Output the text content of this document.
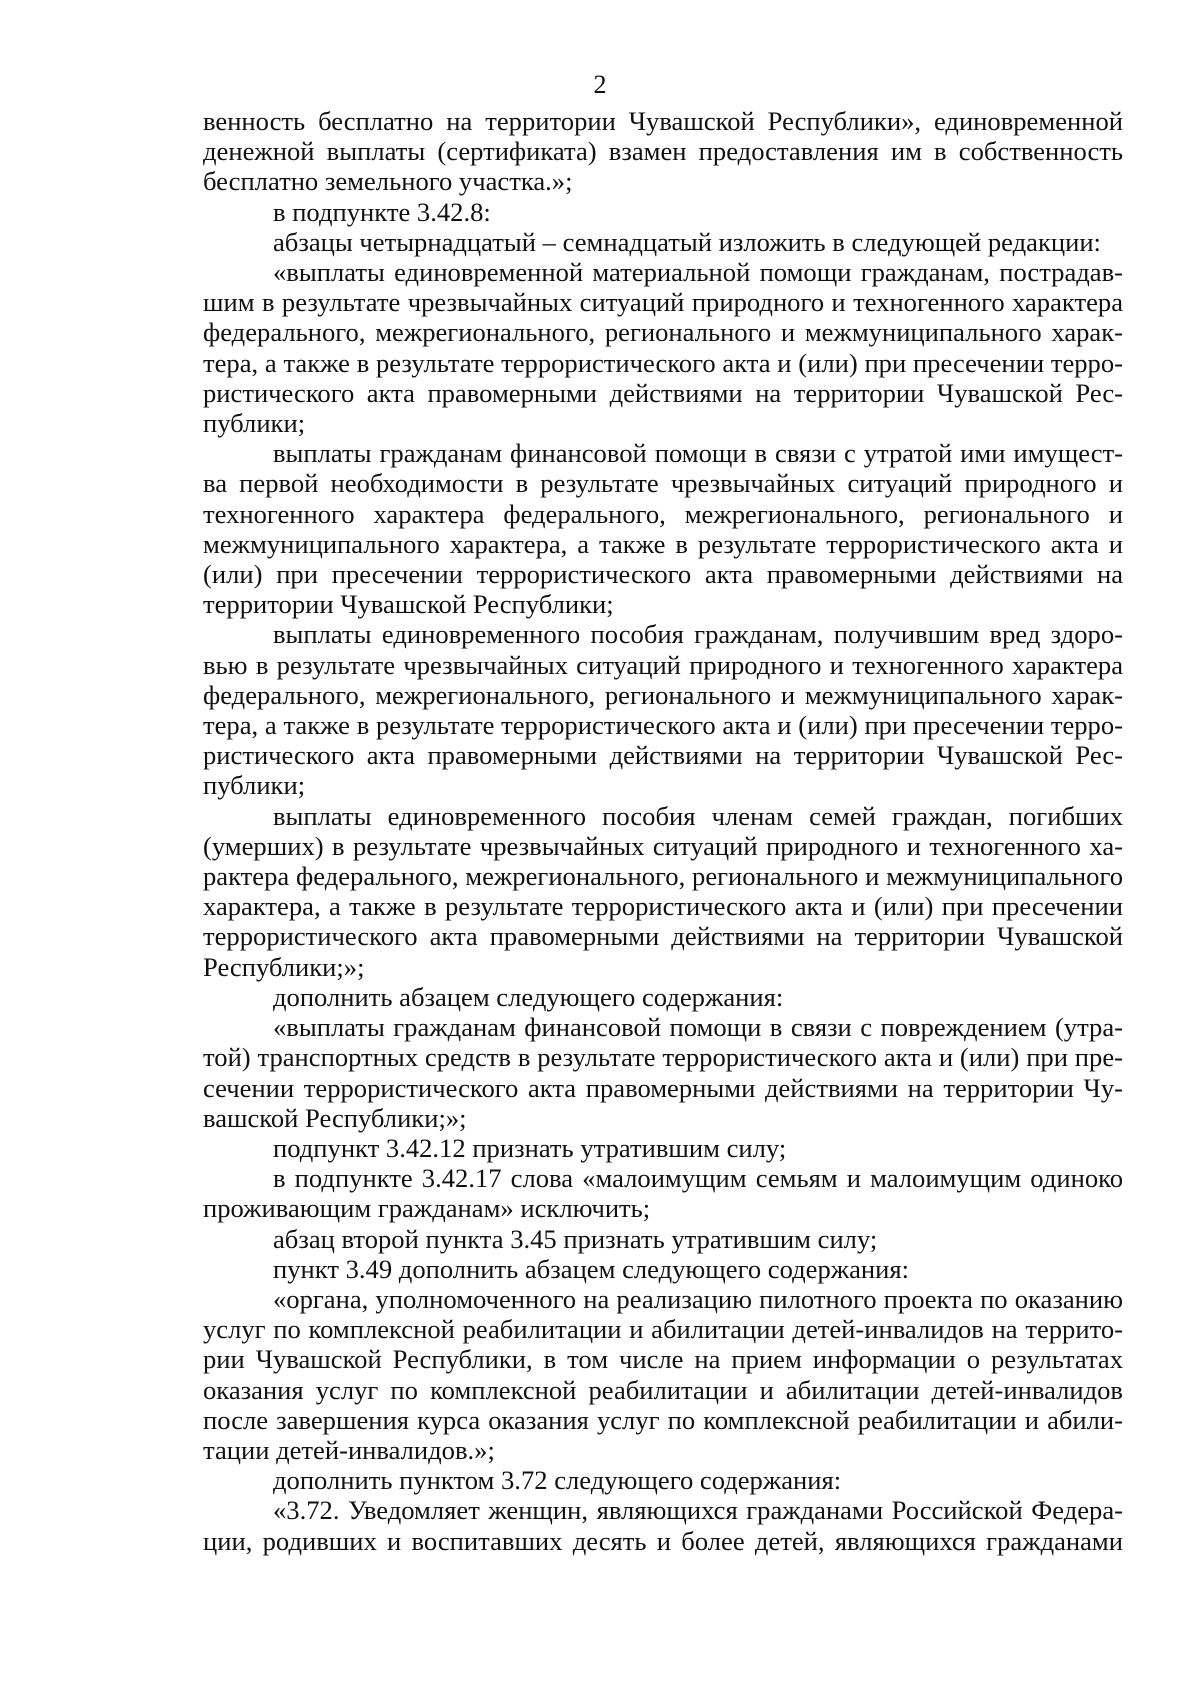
2
венность бесплатно на территории Чувашской Республики», единовременной
денежной выплаты (сертификата) взамен предоставления им в собственность
бесплатно земельного участка.»;
в подпункте 3.42.8:
абзацы четырнадцатый – семнадцатый изложить в следующей редакции:
«выплаты единовременной материальной помощи гражданам, пострадав-
шим в результате чрезвычайных ситуаций природного и техногенного характера
федерального, межрегионального, регионального и межмуниципального харак-
тера, а также в результате террористического акта и (или) при пресечении терро-
ристического акта правомерными действиями на территории Чувашской Рес-
публики;
выплаты гражданам финансовой помощи в связи с утратой ими имущест-
ва первой необходимости в результате чрезвычайных ситуаций природного и
техногенного характера федерального, межрегионального, регионального и
межмуниципального характера, а также в результате террористического акта и
(или) при пресечении террористического акта правомерными действиями на
территории Чувашской Республики;
выплаты единовременного пособия гражданам, получившим вред здоро-
вью в результате чрезвычайных ситуаций природного и техногенного характера
федерального, межрегионального, регионального и межмуниципального харак-
тера, а также в результате террористического акта и (или) при пресечении терро-
ристического акта правомерными действиями на территории Чувашской Рес-
публики;
выплаты единовременного пособия членам семей граждан, погибших
(умерших) в результате чрезвычайных ситуаций природного и техногенного ха-
рактера федерального, межрегионального, регионального и межмуниципального
характера, а также в результате террористического акта и (или) при пресечении
террористического акта правомерными действиями на территории Чувашской
Республики;»;
дополнить абзацем следующего содержания:
«выплаты гражданам финансовой помощи в связи с повреждением (утра-
той) транспортных средств в результате террористического акта и (или) при пре-
сечении террористического акта правомерными действиями на территории Чу-
вашской Республики;»;
подпункт 3.42.12 признать утратившим силу;
в подпункте 3.42.17 слова «малоимущим семьям и малоимущим одиноко
проживающим гражданам» исключить;
абзац второй пункта 3.45 признать утратившим силу;
пункт 3.49 дополнить абзацем следующего содержания:
«органа, уполномоченного на реализацию пилотного проекта по оказанию
услуг по комплексной реабилитации и абилитации детей-инвалидов на террито-
рии Чувашской Республики, в том числе на прием информации о результатах
оказания услуг по комплексной реабилитации и абилитации детей-инвалидов
после завершения курса оказания услуг по комплексной реабилитации и абили-
тации детей-инвалидов.»;
дополнить пунктом 3.72 следующего содержания:
«3.72. Уведомляет женщин, являющихся гражданами Российской Федера-
ции, родивших и воспитавших десять и более детей, являющихся гражданами
